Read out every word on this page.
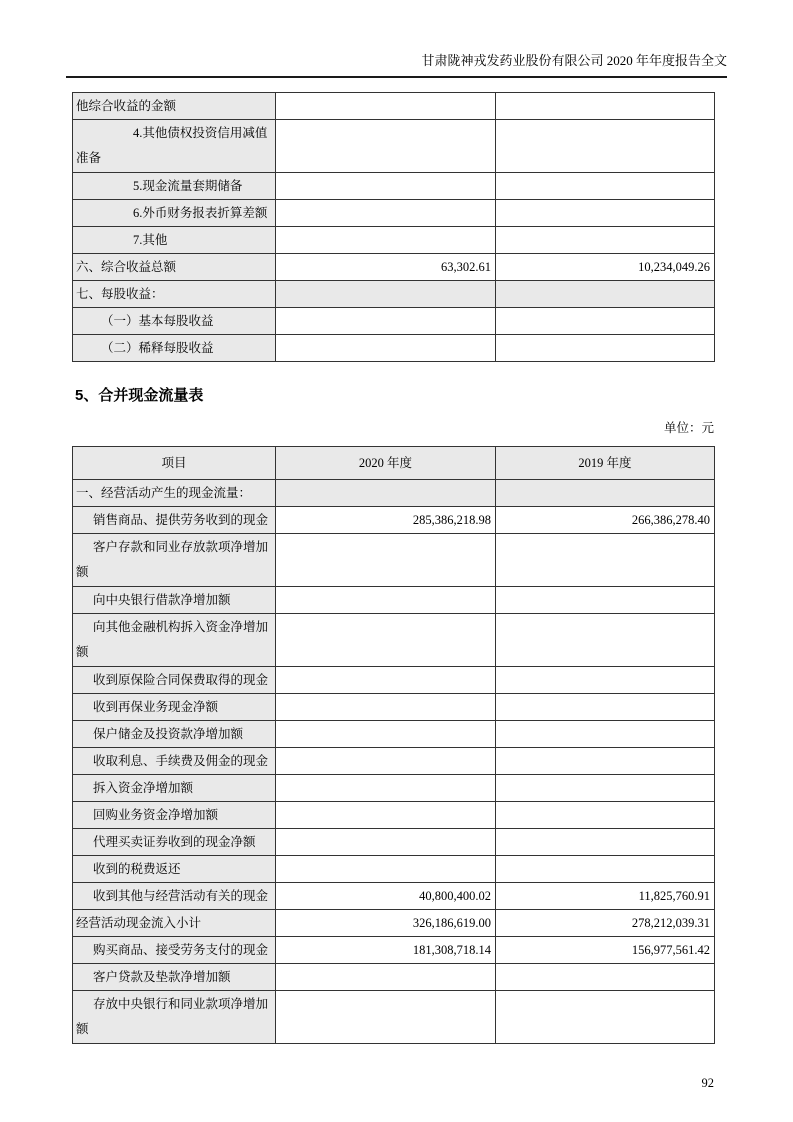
甘肃陇神戎发药业股份有限公司 2020 年年度报告全文
他综合收益的金额		
4.其他债权投资信用减值准备		
5.现金流量套期储备		
6.外币财务报表折算差额		
7.其他		
六、综合收益总额	63,302.61	10,234,049.26
七、每股收益：		
（一）基本每股收益		
（二）稀释每股收益		
5、合并现金流量表
单位：元
项目	2020 年度	2019 年度
一、经营活动产生的现金流量：		
销售商品、提供劳务收到的现金	285,386,218.98	266,386,278.40
客户存款和同业存放款项净增加额		
向中央银行借款净增加额		
向其他金融机构拆入资金净增加额		
收到原保险合同保费取得的现金		
收到再保业务现金净额		
保户储金及投资款净增加额		
收取利息、手续费及佣金的现金		
拆入资金净增加额		
回购业务资金净增加额		
代理买卖证券收到的现金净额		
收到的税费返还		
收到其他与经营活动有关的现金	40,800,400.02	11,825,760.91
经营活动现金流入小计	326,186,619.00	278,212,039.31
购买商品、接受劳务支付的现金	181,308,718.14	156,977,561.42
客户贷款及垫款净增加额		
存放中央银行和同业款项净增加额		
92
